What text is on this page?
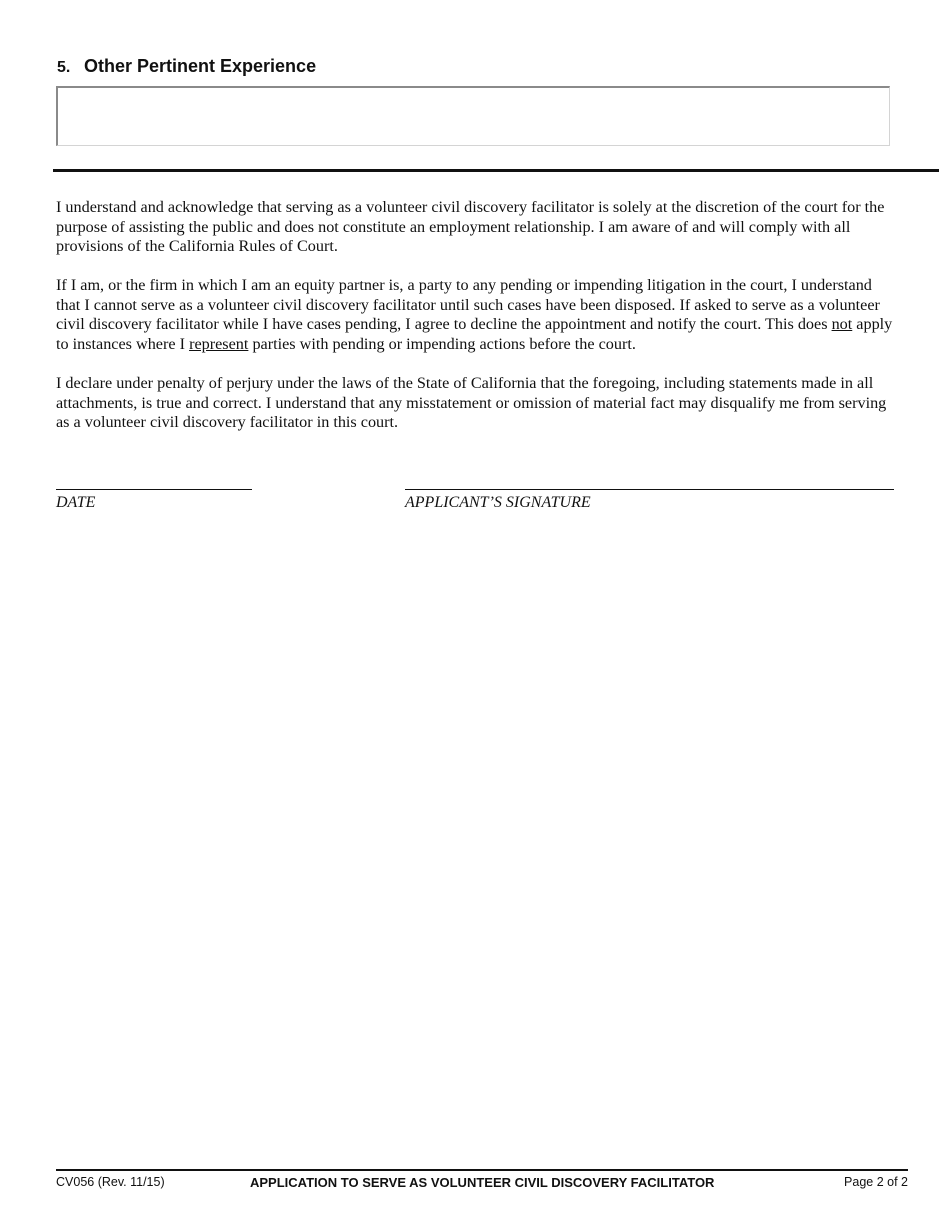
5. Other Pertinent Experience

I understand and acknowledge that serving as a volunteer civil discovery facilitator is solely at the discretion of the court for the purpose of assisting the public and does not constitute an employment relationship. I am aware of and will comply with all provisions of the California Rules of Court.

If I am, or the firm in which I am an equity partner is, a party to any pending or impending litigation in the court, I understand that I cannot serve as a volunteer civil discovery facilitator until such cases have been disposed. If asked to serve as a volunteer civil discovery facilitator while I have cases pending, I agree to decline the appointment and notify the court. This does not apply to instances where I represent parties with pending or impending actions before the court.

I declare under penalty of perjury under the laws of the State of California that the foregoing, including statements made in all attachments, is true and correct. I understand that any misstatement or omission of material fact may disqualify me from serving as a volunteer civil discovery facilitator in this court.

DATE	APPLICANT’S SIGNATURE
CV056 (Rev. 11/15)	APPLICATION TO SERVE AS VOLUNTEER CIVIL DISCOVERY FACILITATOR	Page 2 of 2
